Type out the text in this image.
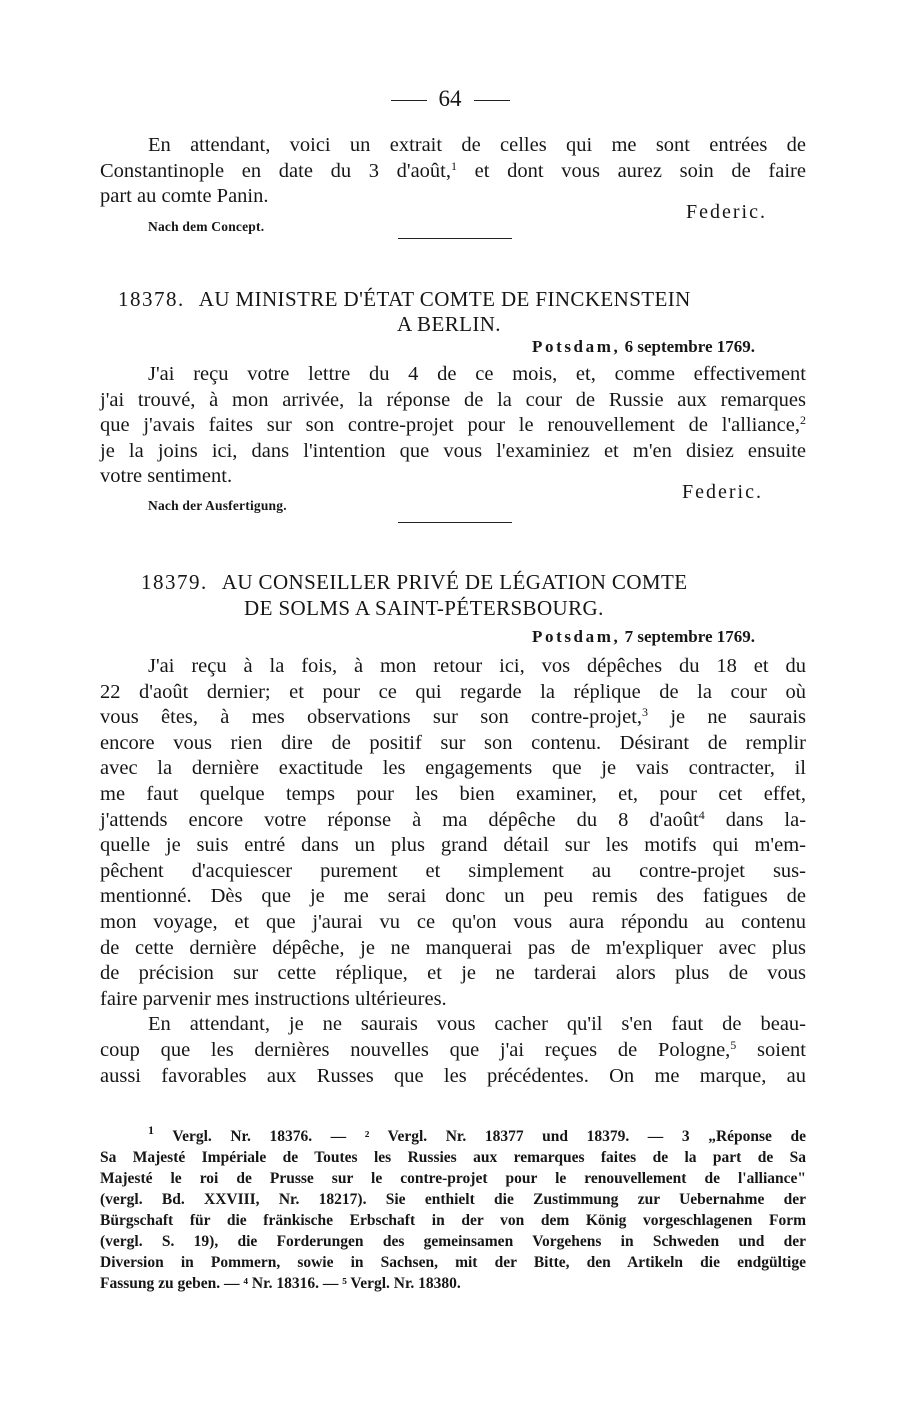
64
En attendant, voici un extrait de celles qui me sont entrées de
Constantinople en date du 3 d'août,$^1$ et dont vous aurez soin de faire
part au comte Panin.
Federic.
Nach dem Concept.
18378. AU MINISTRE D'ÉTAT COMTE DE FINCKENSTEIN
A BERLIN.
Potsdam, 6 septembre 1769.
J'ai reçu votre lettre du 4 de ce mois, et, comme effectivement
j'ai trouvé, à mon arrivée, la réponse de la cour de Russie aux remarques
que j'avais faites sur son contre-projet pour le renouvellement de l'alliance,$^2$
je la joins ici, dans l'intention que vous l'examiniez et m'en disiez ensuite
votre sentiment.
Federic.
Nach der Ausfertigung.
18379. AU CONSEILLER PRIVÉ DE LÉGATION COMTE
DE SOLMS A SAINT-PÉTERSBOURG.
Potsdam, 7 septembre 1769.
J'ai reçu à la fois, à mon retour ici, vos dépêches du 18 et du
22 d'août dernier; et pour ce qui regarde la réplique de la cour où
vous êtes, à mes observations sur son contre-projet,$^3$ je ne saurais
encore vous rien dire de positif sur son contenu. Désirant de remplir
avec la dernière exactitude les engagements que je vais contracter, il
me faut quelque temps pour les bien examiner, et, pour cet effet,
j'attends encore votre réponse à ma dépêche du 8 d'août$^4$ dans la-
quelle je suis entré dans un plus grand détail sur les motifs qui m'em-
pêchent d'acquiescer purement et simplement au contre-projet sus-
mentionné. Dès que je me serai donc un peu remis des fatigues de
mon voyage, et que j'aurai vu ce qu'on vous aura répondu au contenu
de cette dernière dépêche, je ne manquerai pas de m'expliquer avec plus
de précision sur cette réplique, et je ne tarderai alors plus de vous
faire parvenir mes instructions ultérieures.
En attendant, je ne saurais vous cacher qu'il s'en faut de beau-
coup que les dernières nouvelles que j'ai reçues de Pologne,$^5$ soient
aussi favorables aux Russes que les précédentes. On me marque, au
$^1$ Vergl. Nr. 18376. — ² Vergl. Nr. 18377 und 18379. — 3 „Réponse de
Sa Majesté Impériale de Toutes les Russies aux remarques faites de la part de Sa
Majesté le roi de Prusse sur le contre-projet pour le renouvellement de l'alliance"
(vergl. Bd. XXVIII, Nr. 18217). Sie enthielt die Zustimmung zur Uebernahme der
Bürgschaft für die fränkische Erbschaft in der von dem König vorgeschlagenen Form
(vergl. S. 19), die Forderungen des gemeinsamen Vorgehens in Schweden und der
Diversion in Pommern, sowie in Sachsen, mit der Bitte, den Artikeln die endgültige
Fassung zu geben. — ⁴ Nr. 18316. — ⁵ Vergl. Nr. 18380.
